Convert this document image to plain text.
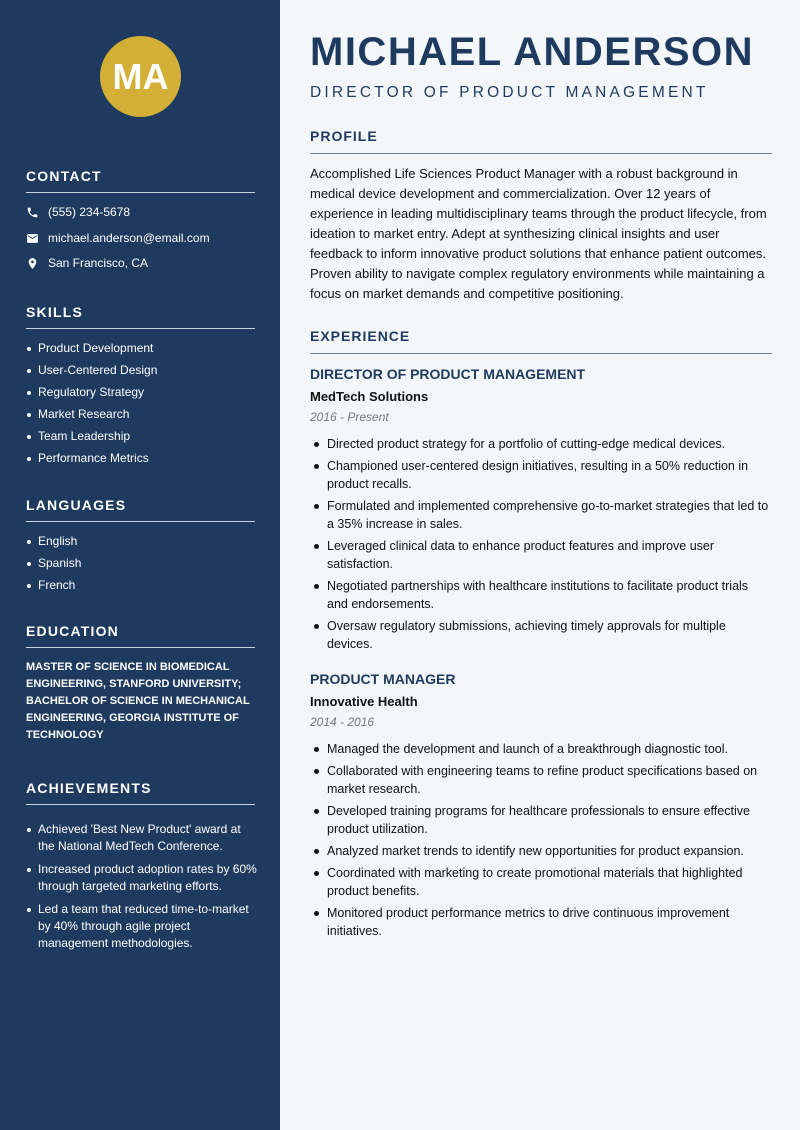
MA
CONTACT
(555) 234-5678
michael.anderson@email.com
San Francisco, CA
SKILLS
Product Development
User-Centered Design
Regulatory Strategy
Market Research
Team Leadership
Performance Metrics
LANGUAGES
English
Spanish
French
EDUCATION
MASTER OF SCIENCE IN BIOMEDICAL ENGINEERING, STANFORD UNIVERSITY; BACHELOR OF SCIENCE IN MECHANICAL ENGINEERING, GEORGIA INSTITUTE OF TECHNOLOGY
ACHIEVEMENTS
Achieved 'Best New Product' award at the National MedTech Conference.
Increased product adoption rates by 60% through targeted marketing efforts.
Led a team that reduced time-to-market by 40% through agile project management methodologies.
MICHAEL ANDERSON
DIRECTOR OF PRODUCT MANAGEMENT
PROFILE
Accomplished Life Sciences Product Manager with a robust background in medical device development and commercialization. Over 12 years of experience in leading multidisciplinary teams through the product lifecycle, from ideation to market entry. Adept at synthesizing clinical insights and user feedback to inform innovative product solutions that enhance patient outcomes. Proven ability to navigate complex regulatory environments while maintaining a focus on market demands and competitive positioning.
EXPERIENCE
DIRECTOR OF PRODUCT MANAGEMENT
MedTech Solutions
2016 - Present
Directed product strategy for a portfolio of cutting-edge medical devices.
Championed user-centered design initiatives, resulting in a 50% reduction in product recalls.
Formulated and implemented comprehensive go-to-market strategies that led to a 35% increase in sales.
Leveraged clinical data to enhance product features and improve user satisfaction.
Negotiated partnerships with healthcare institutions to facilitate product trials and endorsements.
Oversaw regulatory submissions, achieving timely approvals for multiple devices.
PRODUCT MANAGER
Innovative Health
2014 - 2016
Managed the development and launch of a breakthrough diagnostic tool.
Collaborated with engineering teams to refine product specifications based on market research.
Developed training programs for healthcare professionals to ensure effective product utilization.
Analyzed market trends to identify new opportunities for product expansion.
Coordinated with marketing to create promotional materials that highlighted product benefits.
Monitored product performance metrics to drive continuous improvement initiatives.
